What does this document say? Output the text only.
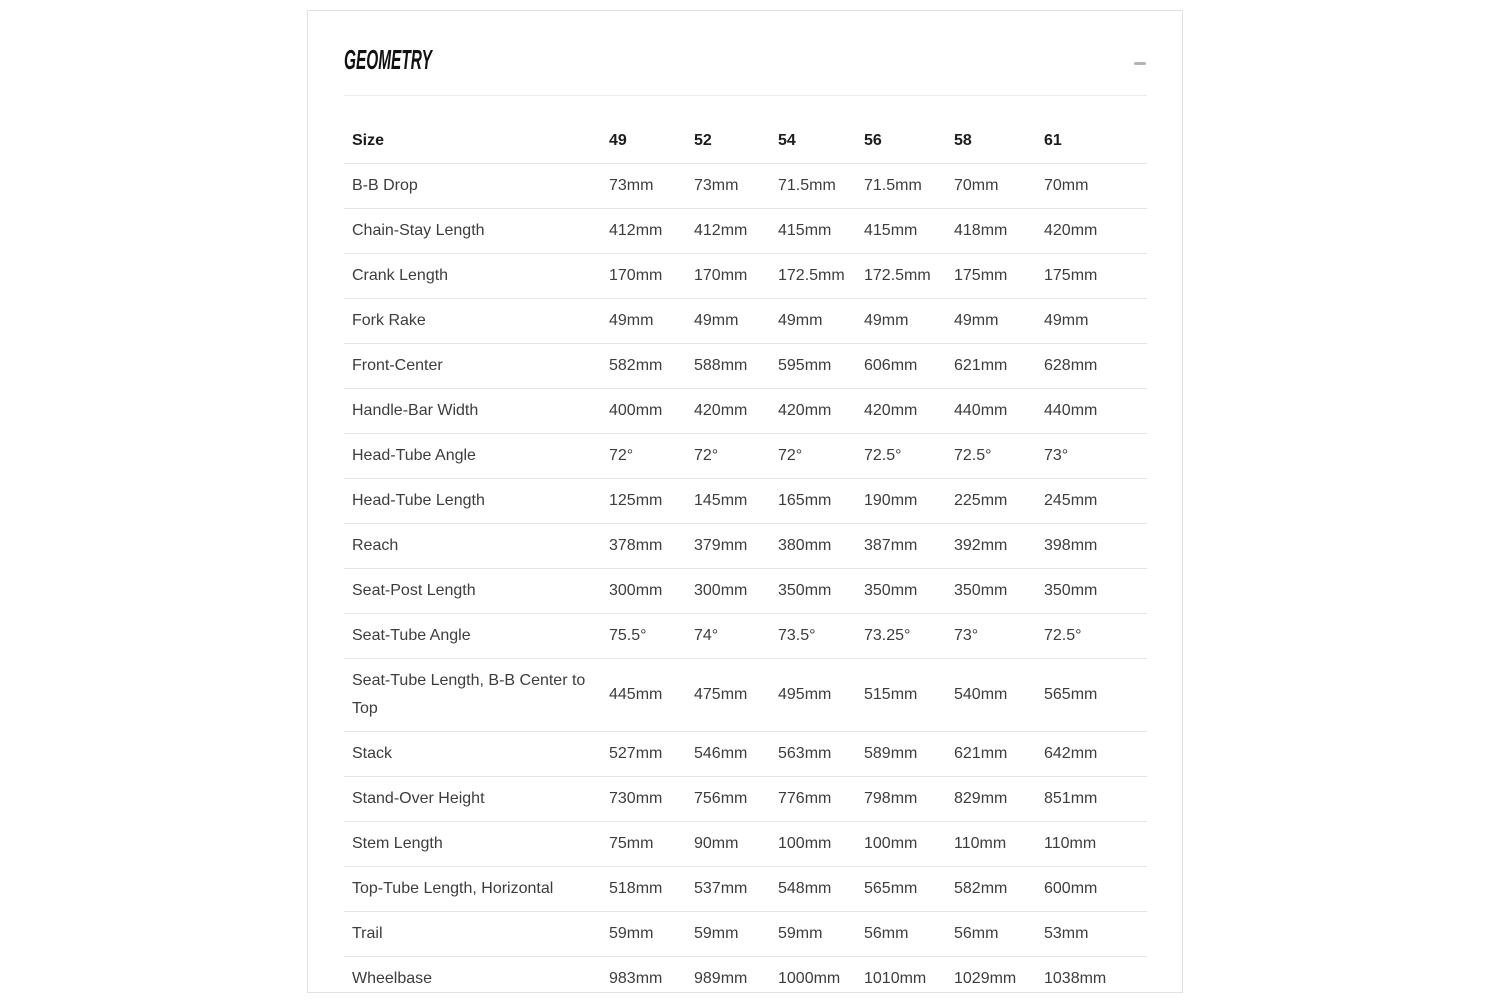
GEOMETRY
Size	49	52	54	56	58	61
B-B Drop	73mm	73mm	71.5mm	71.5mm	70mm	70mm
Chain-Stay Length	412mm	412mm	415mm	415mm	418mm	420mm
Crank Length	170mm	170mm	172.5mm	172.5mm	175mm	175mm
Fork Rake	49mm	49mm	49mm	49mm	49mm	49mm
Front-Center	582mm	588mm	595mm	606mm	621mm	628mm
Handle-Bar Width	400mm	420mm	420mm	420mm	440mm	440mm
Head-Tube Angle	72°	72°	72°	72.5°	72.5°	73°
Head-Tube Length	125mm	145mm	165mm	190mm	225mm	245mm
Reach	378mm	379mm	380mm	387mm	392mm	398mm
Seat-Post Length	300mm	300mm	350mm	350mm	350mm	350mm
Seat-Tube Angle	75.5°	74°	73.5°	73.25°	73°	72.5°
Seat-Tube Length, B-B Center to Top	445mm	475mm	495mm	515mm	540mm	565mm
Stack	527mm	546mm	563mm	589mm	621mm	642mm
Stand-Over Height	730mm	756mm	776mm	798mm	829mm	851mm
Stem Length	75mm	90mm	100mm	100mm	110mm	110mm
Top-Tube Length, Horizontal	518mm	537mm	548mm	565mm	582mm	600mm
Trail	59mm	59mm	59mm	56mm	56mm	53mm
Wheelbase	983mm	989mm	1000mm	1010mm	1029mm	1038mm
